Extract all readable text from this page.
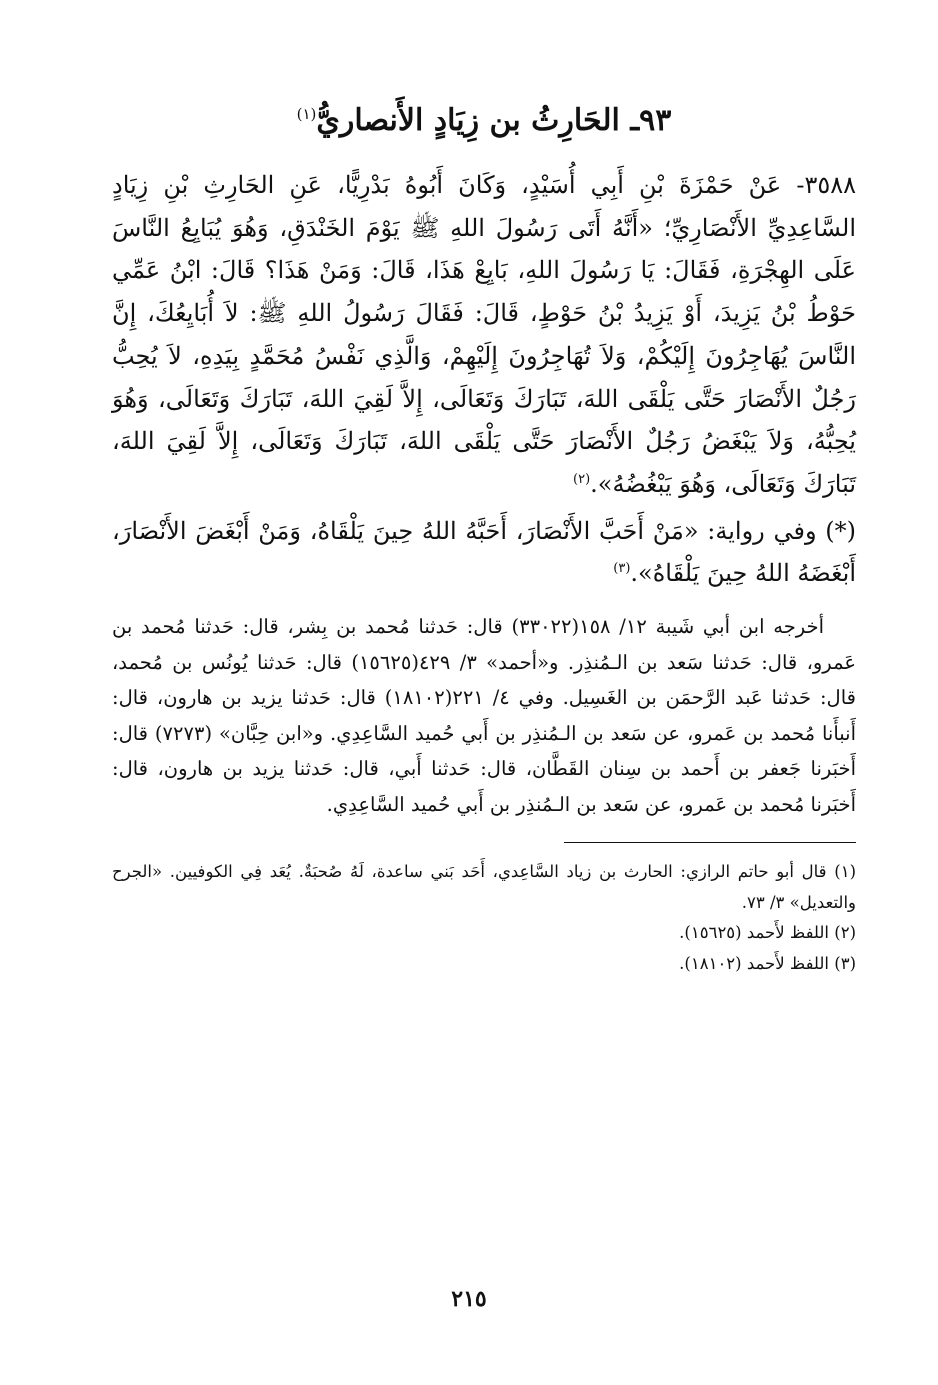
٩٣ـ الحَارِثُ بن زِيَادٍ الأَنصاريُّ$^{(١)}$

٣٥٨٨- عَنْ حَمْزَةَ بْنِ أَبِي أُسَيْدٍ، وَكَانَ أَبُوهُ بَدْرِيًّا، عَنِ الحَارِثِ بْنِ زِيَادٍ السَّاعِدِيِّ الأَنْصَارِيِّ؛ «أَنَّهُ أَتَى رَسُولَ اللهِ ﷺ يَوْمَ الخَنْدَقِ، وَهُوَ يُبَايِعُ النَّاسَ عَلَى الهِجْرَةِ، فَقَالَ: يَا رَسُولَ اللهِ، بَايِعْ هَذَا، قَالَ: وَمَنْ هَذَا؟ قَالَ: ابْنُ عَمِّي حَوْطُ بْنُ يَزِيدَ، أَوْ يَزِيدُ بْنُ حَوْطٍ، قَالَ: فَقَالَ رَسُولُ اللهِ ﷺ: لاَ أُبَايِعُكَ، إِنَّ النَّاسَ يُهَاجِرُونَ إِلَيْكُمْ، وَلاَ تُهَاجِرُونَ إِلَيْهِمْ، وَالَّذِي نَفْسُ مُحَمَّدٍ بِيَدِهِ، لاَ يُحِبُّ رَجُلٌ الأَنْصَارَ حَتَّى يَلْقَى اللهَ، تَبَارَكَ وَتَعَالَى، إِلاَّ لَقِيَ اللهَ، تَبَارَكَ وَتَعَالَى، وَهُوَ يُحِبُّهُ، وَلاَ يَبْغَضُ رَجُلٌ الأَنْصَارَ حَتَّى يَلْقَى اللهَ، تَبَارَكَ وَتَعَالَى، إِلاَّ لَقِيَ اللهَ، تَبَارَكَ وَتَعَالَى، وَهُوَ يَبْغُضُهُ».$^{(٢)}$

(*) وفي رواية: «مَنْ أَحَبَّ الأَنْصَارَ، أَحَبَّهُ اللهُ حِينَ يَلْقَاهُ، وَمَنْ أَبْغَضَ الأَنْصَارَ، أَبْغَضَهُ اللهُ حِينَ يَلْقَاهُ».$^{(٣)}$

أخرجه ابن أبي شَيبة ١٢/ ١٥٨(٣٣٠٢٢) قال: حَدثنا مُحمد بن بِشر، قال: حَدثنا مُحمد بن عَمرو، قال: حَدثنا سَعد بن الـمُنذِر. و«أحمد» ٣/ ٤٢٩(١٥٦٢٥) قال: حَدثنا يُونُس بن مُحمد، قال: حَدثنا عَبد الرَّحمَن بن الغَسِيل. وفي ٤/ ٢٢١(١٨١٠٢) قال: حَدثنا يزيد بن هارون، قال: أَنبأَنا مُحمد بن عَمرو، عن سَعد بن الـمُنذِر بن أَبي حُميد السَّاعِدِي. و«ابن حِبَّان» (٧٢٧٣) قال: أَخبَرنا جَعفر بن أَحمد بن سِنان القَطَّان، قال: حَدثنا أَبي، قال: حَدثنا يزيد بن هارون، قال: أَخبَرنا مُحمد بن عَمرو، عن سَعد بن الـمُنذِر بن أَبي حُميد السَّاعِدِي.

(١) قال أبو حاتم الرازي: الحارث بن زياد السَّاعِدي، أَحَد بَني ساعدة، لَهُ صُحبَةٌ. يُعَد فِي الكوفيين. «الجرح والتعديل» ٣/ ٧٣.

(٢) اللفظ لأَحمد (١٥٦٢٥).

(٣) اللفظ لأَحمد (١٨١٠٢).

٢١٥
